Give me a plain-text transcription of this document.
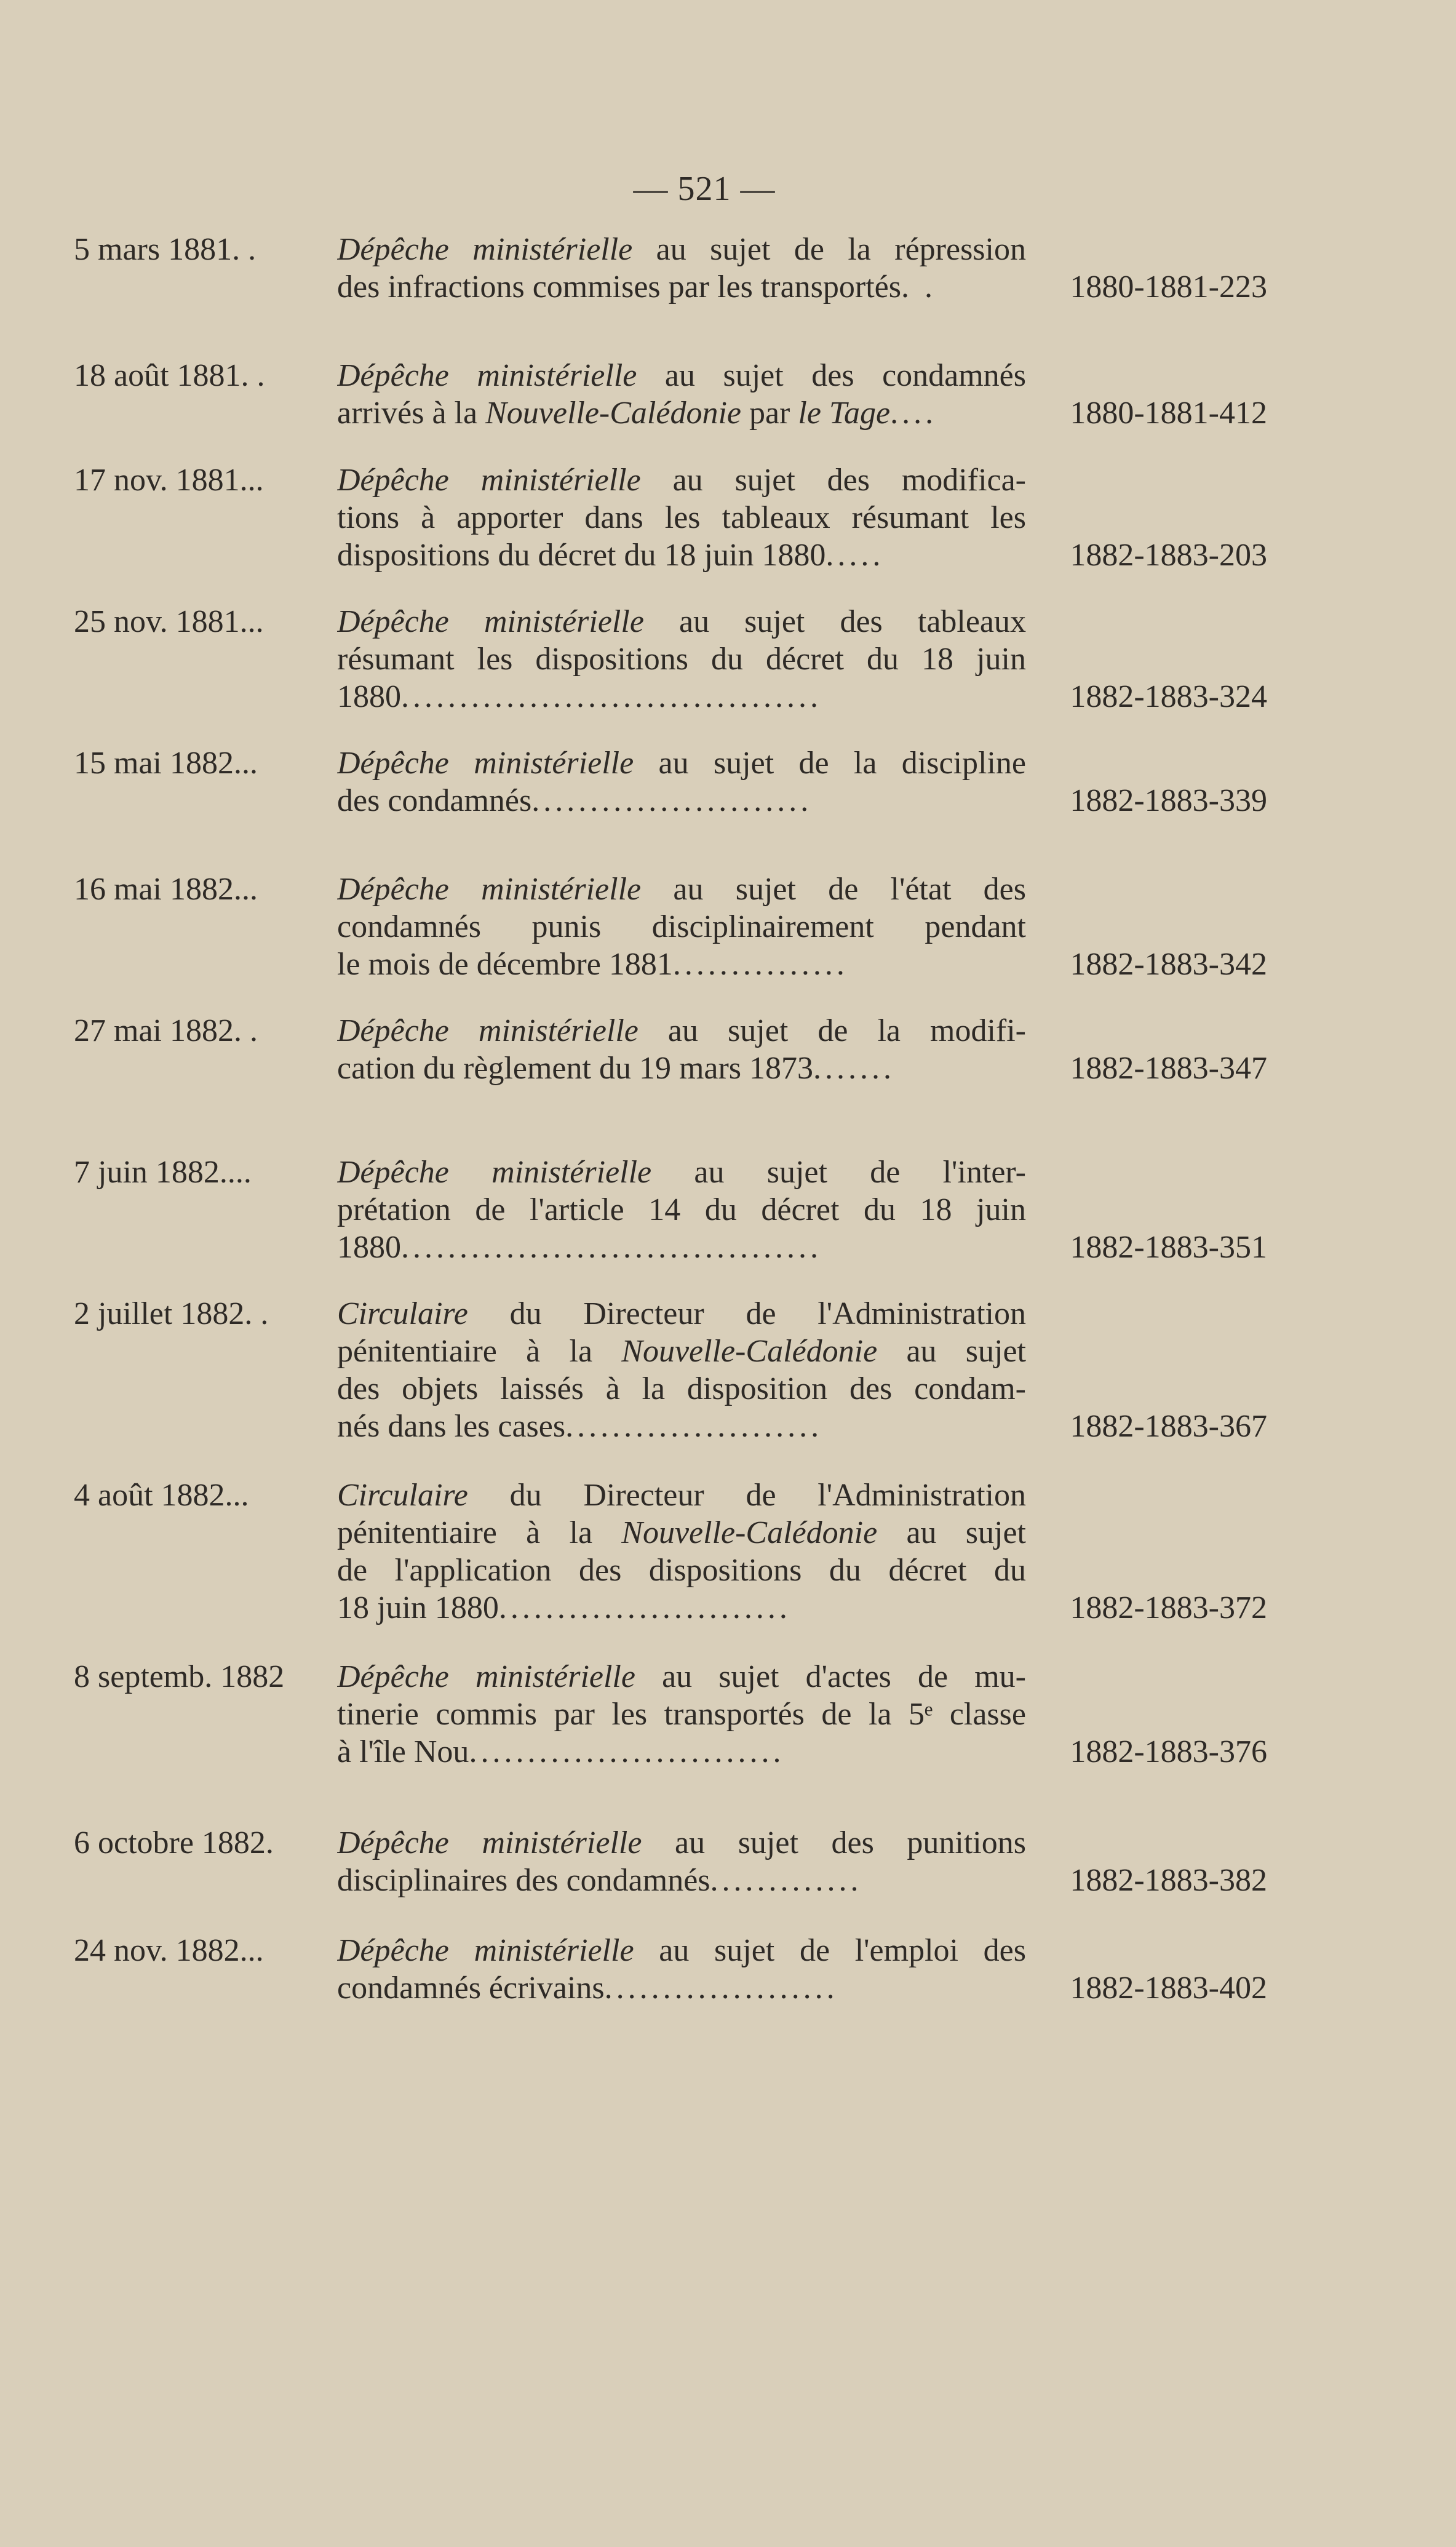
— 521 —
5 mars 1881. .	Dépêche ministérielle au sujet de la répression
des infractions commises par les transportés . .	1880-1881-223
18 août 1881. .	Dépêche ministérielle au sujet des condamnés
arrivés à la Nouvelle-Calédonie par le Tage ....	1880-1881-412
17 nov. 1881...	Dépêche ministérielle au sujet des modifica-
tions à apporter dans les tableaux résumant les
dispositions du décret du 18 juin 1880 .....	1882-1883-203
25 nov. 1881...	Dépêche ministérielle au sujet des tableaux
résumant les dispositions du décret du 18 juin
1880 ....................................	1882-1883-324
15 mai 1882...	Dépêche ministérielle au sujet de la discipline
des condamnés ........................	1882-1883-339
16 mai 1882...	Dépêche ministérielle au sujet de l'état des
condamnés punis disciplinairement pendant
le mois de décembre 1881 ...............	1882-1883-342
27 mai 1882. .	Dépêche ministérielle au sujet de la modifi-
cation du règlement du 19 mars 1873 .......	1882-1883-347
7 juin 1882....	Dépêche ministérielle au sujet de l'inter-
prétation de l'article 14 du décret du 18 juin
1880 ....................................	1882-1883-351
2 juillet 1882. .	Circulaire du Directeur de l'Administration
pénitentiaire à la Nouvelle-Calédonie au sujet
des objets laissés à la disposition des condam-
nés dans les cases ......................	1882-1883-367
4 août 1882...	Circulaire du Directeur de l'Administration
pénitentiaire à la Nouvelle-Calédonie au sujet
de l'application des dispositions du décret du
18 juin 1880 .........................	1882-1883-372
8 septemb. 1882	Dépêche ministérielle au sujet d'actes de mu-
tinerie commis par les transportés de la 5ᵉ classe
à l'île Nou ...........................	1882-1883-376
6 octobre 1882.	Dépêche ministérielle au sujet des punitions
disciplinaires des condamnés .............	1882-1883-382
24 nov. 1882...	Dépêche ministérielle au sujet de l'emploi des
condamnés écrivains ....................	1882-1883-402
